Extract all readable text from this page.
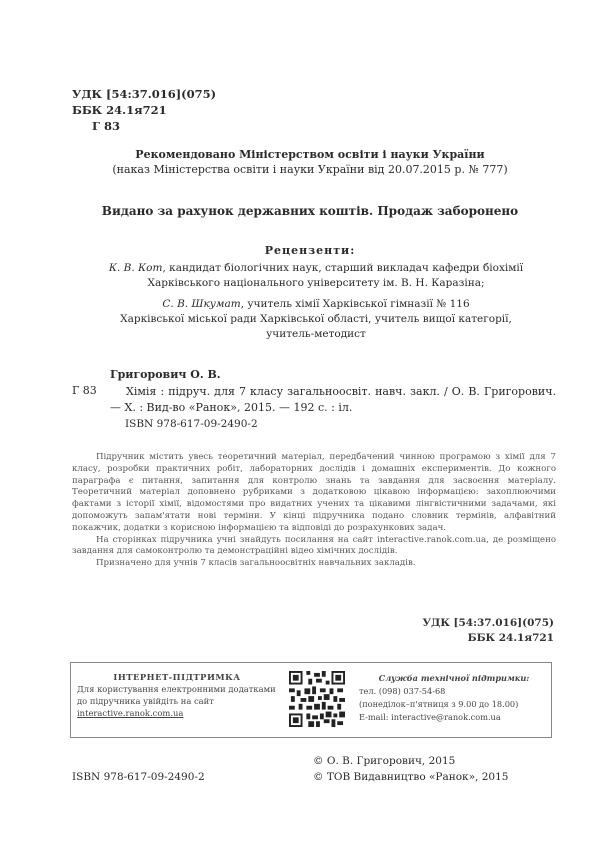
УДК [54:37.016](075)
ББК 24.1я721
Г 83
Рекомендовано Міністерством освіти і науки України
(наказ Міністерства освіти і науки України від 20.07.2015 р. № 777)
Видано за рахунок державних коштів. Продаж заборонено
Рецензенти:
К. В. Кот, кандидат біологічних наук, старший викладач кафедри біохімії
Харківського національного університету ім. В. Н. Каразіна;
С. В. Шкумат, учитель хімії Харківської гімназії № 116
Харківської міської ради Харківської області, учитель вищої категорії,
учитель-методист
Григорович О. В.
Г 83	Хімія : підруч. для 7 класу загальноосвіт. навч. закл. / О. В. Григорович. — Х. : Вид-во «Ранок», 2015. — 192 с. : іл.
ISBN 978-617-09-2490-2

Підручник містить увесь теоретичний матеріал, передбачений чинною програмою з хімії для 7 класу, розробки практичних робіт, лабораторних дослідів і домашніх експериментів. До кожного параграфа є питання, запитання для контролю знань та завдання для засвоєння матеріалу. Теоретичний матеріал доповнено рубриками з додатковою цікавою інформацією: захоплюючими фактами з історії хімії, відомостями про видатних учених та цікавими лінгвістичними задачами, які допоможуть запам'ятати нові терміни. У кінці підручника подано словник термінів, алфавітний покажчик, додатки з корисною інформацією та відповіді до розрахункових задач.

На сторінках підручника учні знайдуть посилання на сайт interactive.ranok.com.ua, де розміщено завдання для самоконтролю та демонстраційні відео хімічних дослідів.

Призначено для учнів 7 класів загальноосвітніх навчальних закладів.

УДК [54:37.016](075)
ББК 24.1я721
ІНТЕРНЕТ-ПІДТРИМКА
Для користування електронними додатками до підручника увійдіть на сайт
interactive.ranok.com.ua
Служба технічної підтримки:
тел. (098) 037-54-68
(понеділок–п'ятниця з 9.00 до 18.00)
E-mail: interactive@ranok.com.ua
ISBN 978-617-09-2490-2
© О. В. Григорович, 2015
© ТОВ Видавництво «Ранок», 2015
